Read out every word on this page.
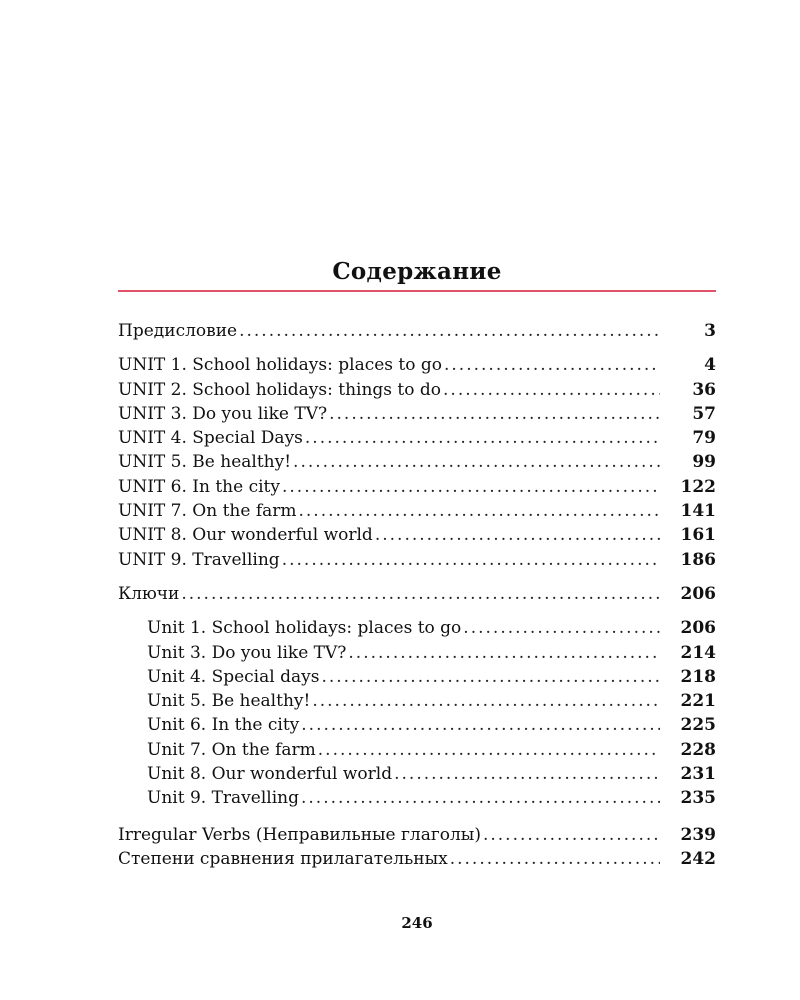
Содержание
Предисловие .....	3
UNIT 1. School holidays: places to go .....	4
UNIT 2. School holidays: things to do .....	36
UNIT 3. Do you like TV? .....	57
UNIT 4. Special Days .....	79
UNIT 5. Be healthy! .....	99
UNIT 6. In the city .....	122
UNIT 7. On the farm .....	141
UNIT 8. Our wonderful world .....	161
UNIT 9. Travelling .....	186
Ключи .....	206
Unit 1. School holidays: places to go .....	206
Unit 3. Do you like TV? .....	214
Unit 4. Special days .....	218
Unit 5. Be healthy! .....	221
Unit 6. In the city .....	225
Unit 7. On the farm .....	228
Unit 8. Our wonderful world .....	231
Unit 9. Travelling .....	235
Irregular Verbs (Неправильные глаголы) .....	239
Степени сравнения прилагательных .....	242
246
